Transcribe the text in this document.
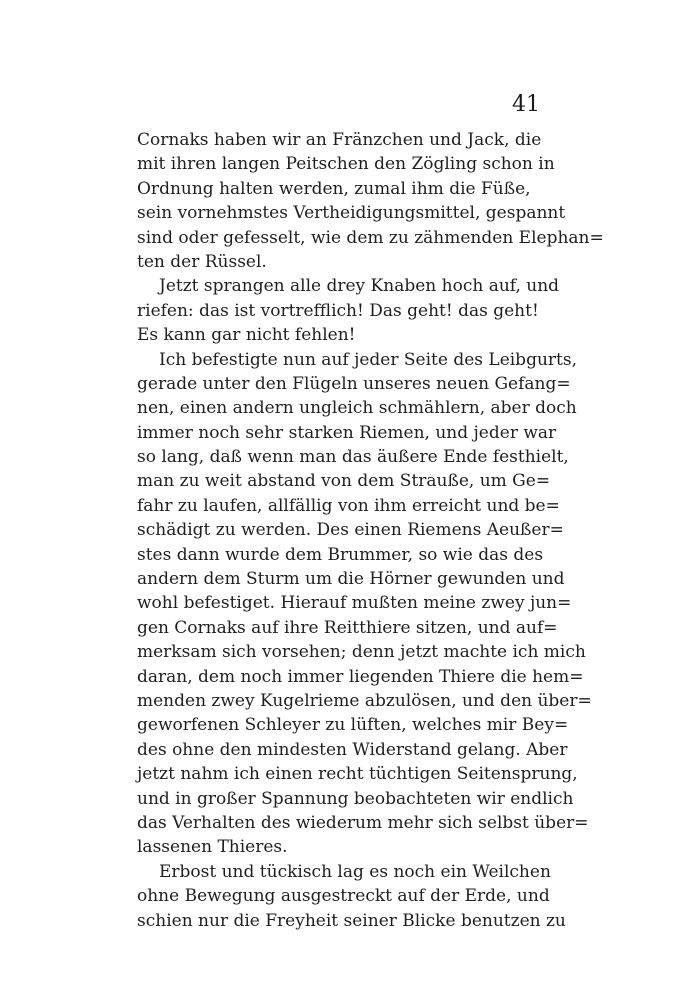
41
Cornaks haben wir an Fränzchen und Jack, die
mit ihren langen Peitschen den Zögling schon in
Ordnung halten werden, zumal ihm die Füße,
sein vornehmstes Vertheidigungsmittel, gespannt
sind oder gefesselt, wie dem zu zähmenden Elephan=
ten der Rüssel.
Jetzt sprangen alle drey Knaben hoch auf, und
riefen: das ist vortrefflich! Das geht! das geht!
Es kann gar nicht fehlen!
Ich befestigte nun auf jeder Seite des Leibgurts,
gerade unter den Flügeln unseres neuen Gefang=
nen, einen andern ungleich schmählern, aber doch
immer noch sehr starken Riemen, und jeder war
so lang, daß wenn man das äußere Ende festhielt,
man zu weit abstand von dem Strauße, um Ge=
fahr zu laufen, allfällig von ihm erreicht und be=
schädigt zu werden. Des einen Riemens Aeußer=
stes dann wurde dem Brummer, so wie das des
andern dem Sturm um die Hörner gewunden und
wohl befestiget. Hierauf mußten meine zwey jun=
gen Cornaks auf ihre Reitthiere sitzen, und auf=
merksam sich vorsehen; denn jetzt machte ich mich
daran, dem noch immer liegenden Thiere die hem=
menden zwey Kugelrieme abzulösen, und den über=
geworfenen Schleyer zu lüften, welches mir Bey=
des ohne den mindesten Widerstand gelang. Aber
jetzt nahm ich einen recht tüchtigen Seitensprung,
und in großer Spannung beobachteten wir endlich
das Verhalten des wiederum mehr sich selbst über=
lassenen Thieres.
Erbost und tückisch lag es noch ein Weilchen
ohne Bewegung ausgestreckt auf der Erde, und
schien nur die Freyheit seiner Blicke benutzen zu
